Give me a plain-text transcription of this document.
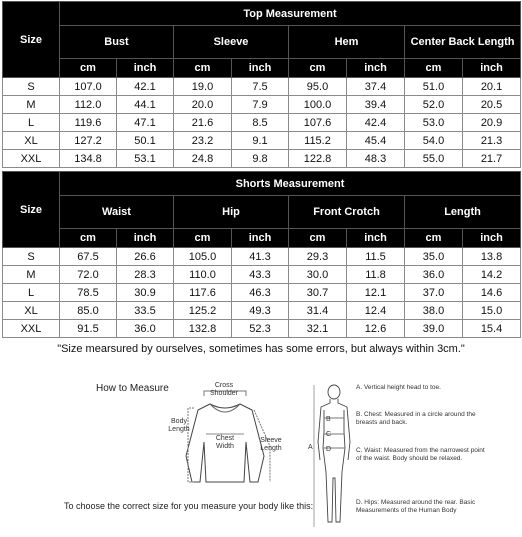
Size	Top Measurement							
	Bust		Sleeve		Hem		Center Back Length	
	cm	inch	cm	inch	cm	inch	cm	inch
S	107.0	42.1	19.0	7.5	95.0	37.4	51.0	20.1
M	112.0	44.1	20.0	7.9	100.0	39.4	52.0	20.5
L	119.6	47.1	21.6	8.5	107.6	42.4	53.0	20.9
XL	127.2	50.1	23.2	9.1	115.2	45.4	54.0	21.3
XXL	134.8	53.1	24.8	9.8	122.8	48.3	55.0	21.7
Size	Shorts Measurement							
	Waist		Hip		Front Crotch		Length	
	cm	inch	cm	inch	cm	inch	cm	inch
S	67.5	26.6	105.0	41.3	29.3	11.5	35.0	13.8
M	72.0	28.3	110.0	43.3	30.0	11.8	36.0	14.2
L	78.5	30.9	117.6	46.3	30.7	12.1	37.0	14.6
XL	85.0	33.5	125.2	49.3	31.4	12.4	38.0	15.0
XXL	91.5	36.0	132.8	52.3	32.1	12.6	39.0	15.4
"Size mearsured by ourselves, sometimes has some errors, but always within 3cm."
How to Measure	Cross Shoulder
Body Length
Chest Width
Sleeve Length
To choose the correct size for you measure your body like this:
A
B
C
D
A. Vertical height head to toe.
B. Chest: Measured in a circle around the breasts and back.
C. Waist: Measured from the narrowest point of the waist. Body should be relaxed.
D. Hips: Measured around the rear. Basic Measurements of the Human Body
